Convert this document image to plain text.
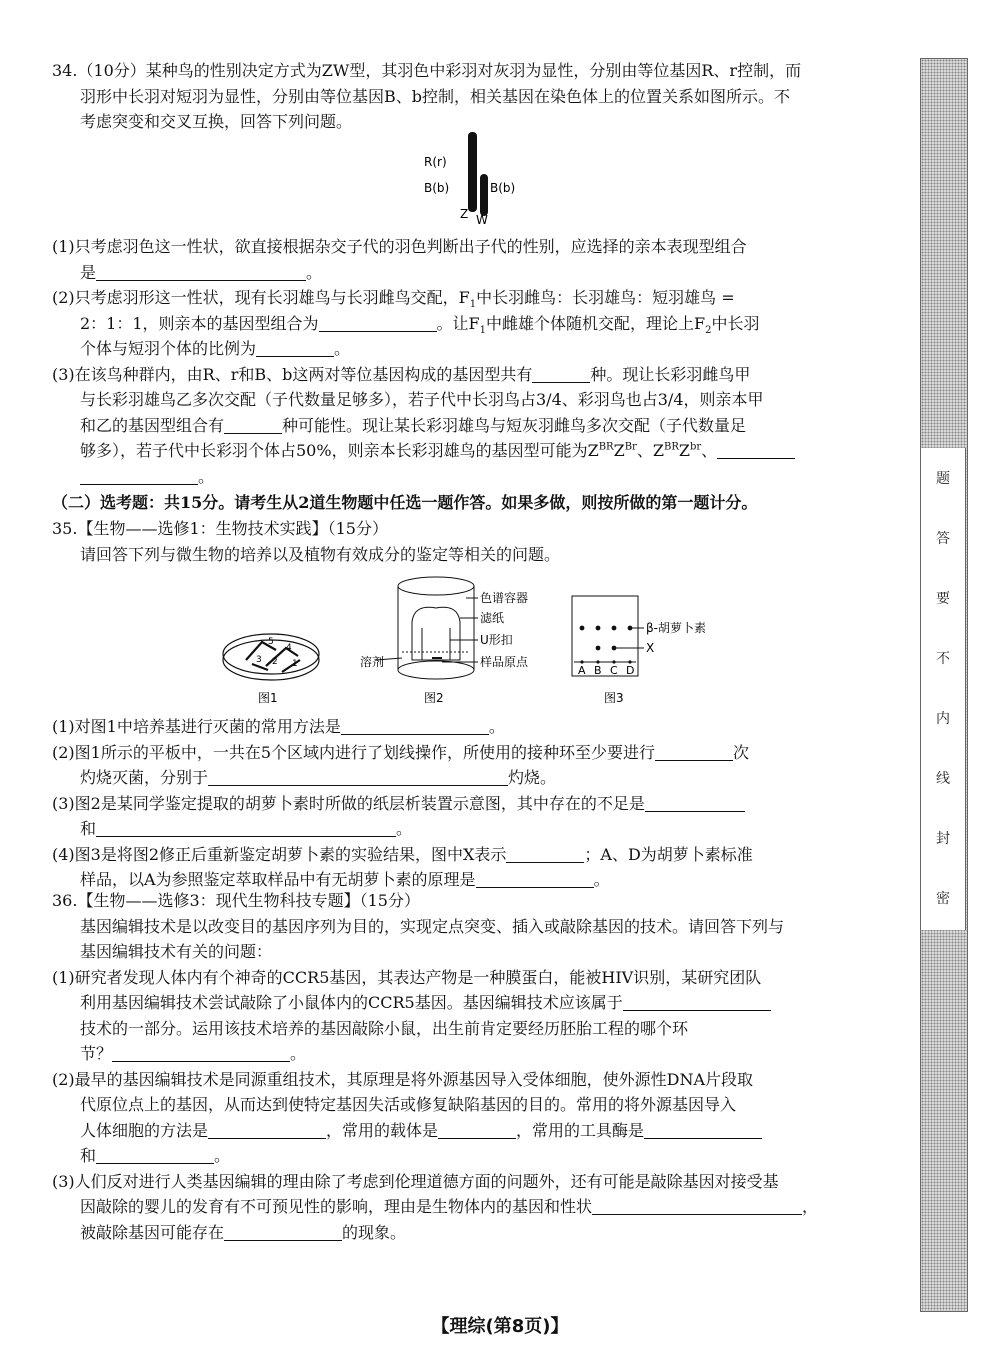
34.（10分）某种鸟的性别决定方式为ZW型，其羽色中彩羽对灰羽为显性，分别由等位基因R、r控制，而

羽形中长羽对短羽为显性，分别由等位基因B、b控制，相关基因在染色体上的位置关系如图所示。不

考虑突变和交叉互换，回答下列问题。

R(r)
B(b)	B(b)
Z W

(1)只考虑羽色这一性状，欲直接根据杂交子代的羽色判断出子代的性别，应选择的亲本表现型组合
是	。

(2)只考虑羽形这一性状，现有长羽雄鸟与长羽雌鸟交配，$F_1$中长羽雌鸟：长羽雄鸟：短羽雄鸟 =
2：1：1，则亲本的基因型组合为	。让$F_1$中雌雄个体随机交配，理论上$F_2$中长羽
个体与短羽个体的比例为	。

(3)在该鸟种群内，由R、r和B、b这两对等位基因构成的基因型共有	种。现让长彩羽雌鸟甲
与长彩羽雄鸟乙多次交配（子代数量足够多），若子代中长羽鸟占3/4、彩羽鸟也占3/4，则亲本甲
和乙的基因型组合有	种可能性。现让某长彩羽雄鸟与短灰羽雌鸟多次交配（子代数量足
够多），若子代中长彩羽个体占50%，则亲本长彩羽雄鸟的基因型可能为$Z^{BR}Z^{Br}$、$Z^{BR}Z^{br}$、
。

（二）选考题：共15分。请考生从2道生物题中任选一题作答。如果多做，则按所做的第一题计分。

35.【生物——选修1：生物技术实践】（15分）

请回答下列与微生物的培养以及植物有效成分的鉴定等相关的问题。

5
4
3 2 1
图1
色谱容器
滤纸
U形扣
样品原点
溶剂
图2
β-胡萝卜素
X
A B C D
图3

(1)对图1中培养基进行灭菌的常用方法是	。

(2)图1所示的平板中，一共在5个区域内进行了划线操作，所使用的接种环至少要进行	次
灼烧灭菌，分别于	灼烧。

(3)图2是某同学鉴定提取的胡萝卜素时所做的纸层析装置示意图，其中存在的不足是
和	。

(4)图3是将图2修正后重新鉴定胡萝卜素的实验结果，图中X表示	；A、D为胡萝卜素标准
样品，以A为参照鉴定萃取样品中有无胡萝卜素的原理是	。

36.【生物——选修3：现代生物科技专题】（15分）

基因编辑技术是以改变目的基因序列为目的，实现定点突变、插入或敲除基因的技术。请回答下列与

基因编辑技术有关的问题：

(1)研究者发现人体内有个神奇的CCR5基因，其表达产物是一种膜蛋白，能被HIV识别，某研究团队
利用基因编辑技术尝试敲除了小鼠体内的CCR5基因。基因编辑技术应该属于
技术的一部分。运用该技术培养的基因敲除小鼠，出生前肯定要经历胚胎工程的哪个环
节？	。

(2)最早的基因编辑技术是同源重组技术，其原理是将外源基因导入受体细胞，使外源性DNA片段取
代原位点上的基因，从而达到使特定基因失活或修复缺陷基因的目的。常用的将外源基因导入
人体细胞的方法是	，常用的载体是	，常用的工具酶是
和	。

(3)人们反对进行人类基因编辑的理由除了考虑到伦理道德方面的问题外，还有可能是敲除基因对接受基
因敲除的婴儿的发育有不可预见性的影响，理由是生物体内的基因和性状	，
被敲除基因可能存在	的现象。

题
答
要
不
内
线
封
密
【理综(第8页)】
